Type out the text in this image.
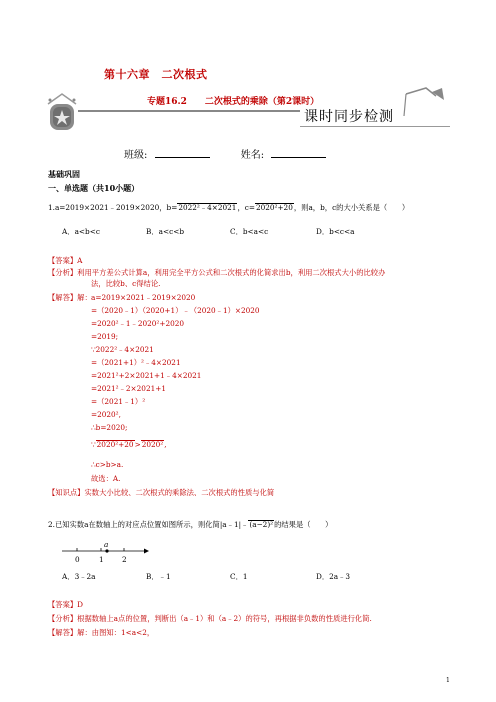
第十六章　二次根式
专题16.2　　二次根式的乘除（第2课时）
课时同步检测
班级:	姓名:
基础巩固
一、单选题（共10小题）
1.a=2019×2021﹣2019×2020，b=2022²﹣4×2021，c=2020²+20，则a，b，c的大小关系是（　　）
A．a<b<c	B．a<c<b	C．b<a<c	D．b<c<a
【答案】A
【分析】利用平方差公式计算a，利用完全平方公式和二次根式的化简求出b，利用二次根式大小的比较办
法，比较b、c得结论.
【解答】解： a=2019×2021﹣2019×2020
=（2020﹣1）（2020+1）﹣（2020﹣1）×2020
=2020²﹣1﹣2020²+2020
=2019;
∵2022²﹣4×2021
=（2021+1）²﹣4×2021
=2021²+2×2021+1﹣4×2021
=2021²﹣2×2021+1
=（2021﹣1）²
=2020²,
∴b=2020;
∵2020²+20>2020²,
∴c>b>a.
故选：A.
【知识点】实数大小比较、二次根式的乘除法、二次根式的性质与化简
2.已知实数a在数轴上的对应点位置如图所示，则化简|a﹣1|﹣(a−2)²的结果是（　　）
a
0	1	2
A．3﹣2a	B．﹣1	C．1	D．2a﹣3
【答案】D
【分析】根据数轴上a点的位置，判断出（a﹣1）和（a﹣2）的符号，再根据非负数的性质进行化简.
【解答】解：由图知：1<a<2，
1
